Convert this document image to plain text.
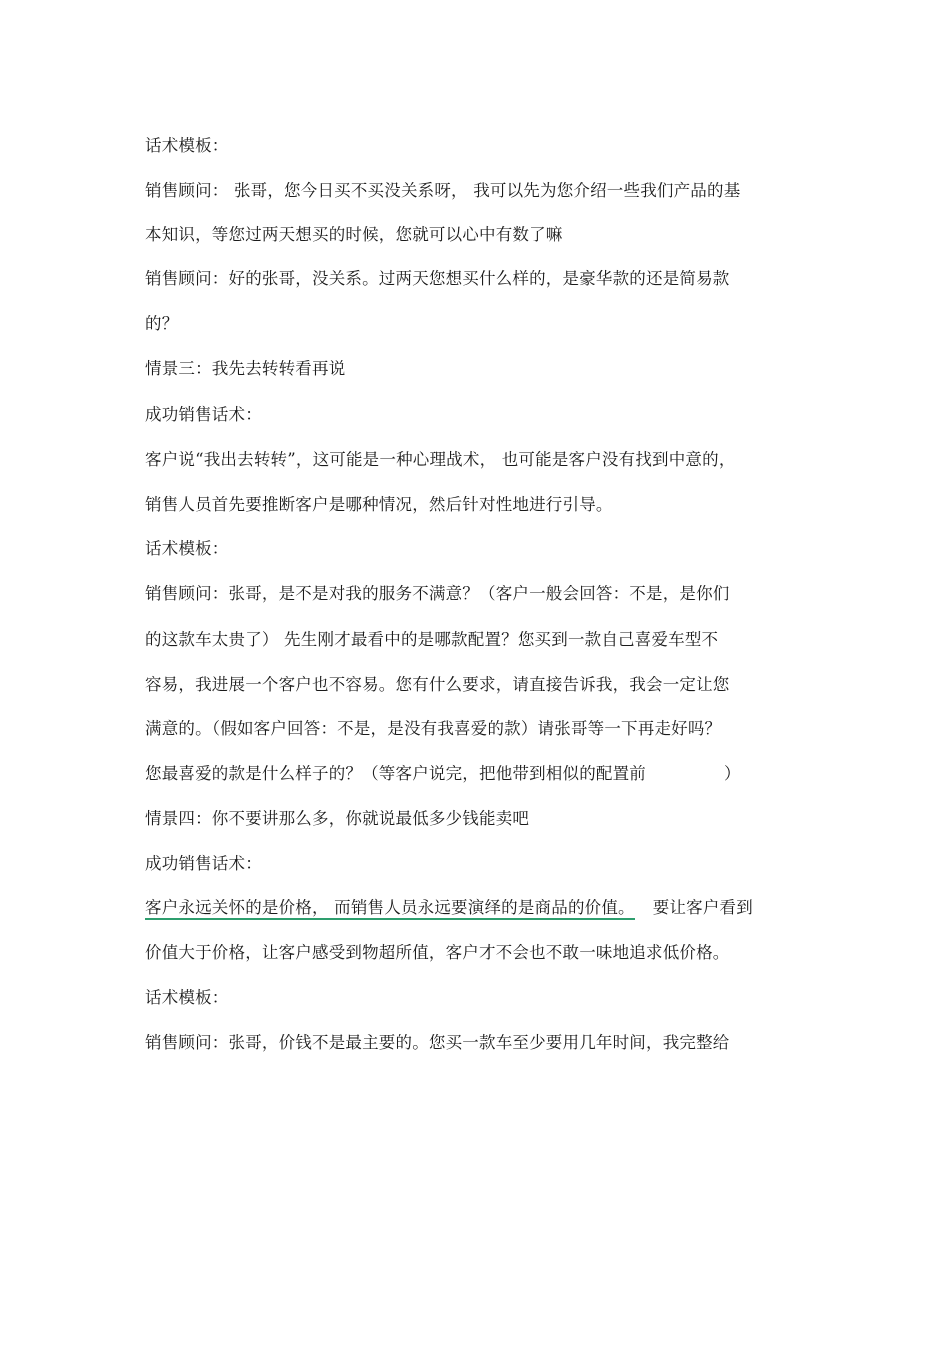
话术模板：

销售顾问： 张哥，您今日买不买没关系呀， 我可以先为您介绍一些我们产品的基

本知识，等您过两天想买的时候，您就可以心中有数了嘛

销售顾问：好的张哥，没关系。过两天您想买什么样的，是豪华款的还是简易款

的？

情景三：我先去转转看再说

成功销售话术：

客户说“我出去转转”，这可能是一种心理战术， 也可能是客户没有找到中意的，

销售人员首先要推断客户是哪种情况，然后针对性地进行引导。

话术模板：

销售顾问：张哥，是不是对我的服务不满意？（客户一般会回答：不是，是你们

的这款车太贵了） 先生刚才最看中的是哪款配置？您买到一款自己喜爱车型不

容易，我进展一个客户也不容易。您有什么要求，请直接告诉我，我会一定让您

满意的。（假如客户回答：不是，是没有我喜爱的款）请张哥等一下再走好吗？

您最喜爱的款是什么样子的？（等客户说完，把他带到相似的配置前	）

情景四：你不要讲那么多，你就说最低多少钱能卖吧

成功销售话术：

客户永远关怀的是价格， 而销售人员永远要演绎的是商品的价值。 要让客户看到

价值大于价格，让客户感受到物超所值，客户才不会也不敢一味地追求低价格。

话术模板：

销售顾问：张哥，价钱不是最主要的。您买一款车至少要用几年时间，我完整给
